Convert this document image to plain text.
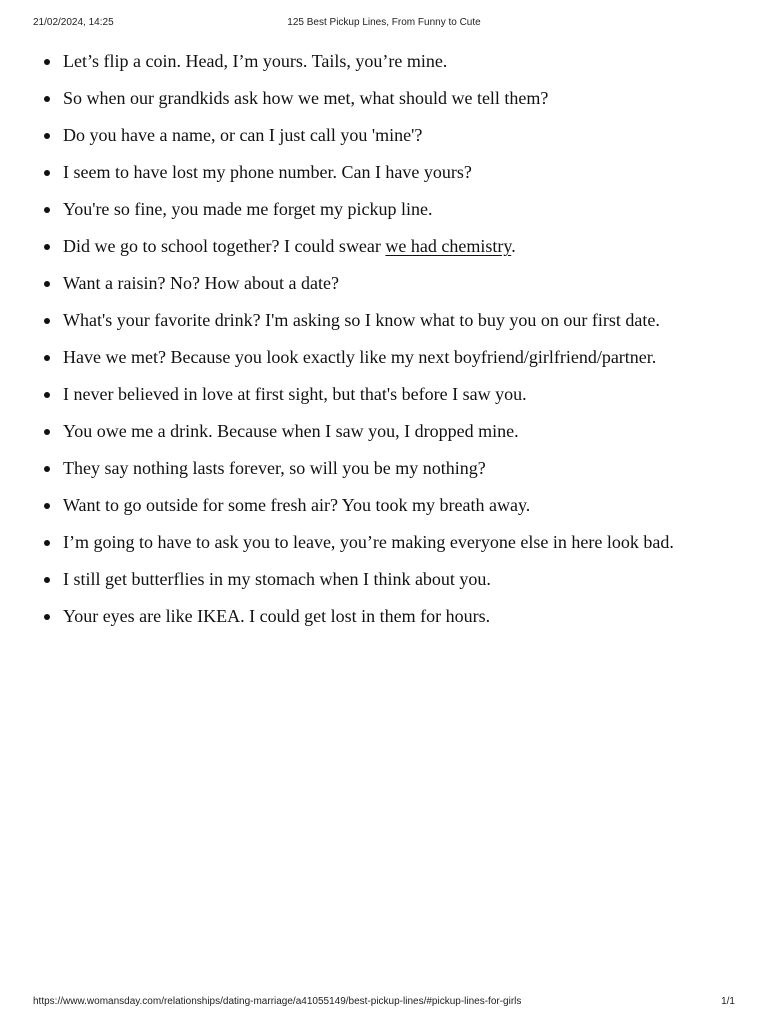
21/02/2024, 14:25	125 Best Pickup Lines, From Funny to Cute
Let’s flip a coin. Head, I’m yours. Tails, you’re mine.
So when our grandkids ask how we met, what should we tell them?
Do you have a name, or can I just call you 'mine'?
I seem to have lost my phone number. Can I have yours?
You're so fine, you made me forget my pickup line.
Did we go to school together? I could swear we had chemistry.
Want a raisin? No? How about a date?
What's your favorite drink? I'm asking so I know what to buy you on our first date.
Have we met? Because you look exactly like my next boyfriend/girlfriend/partner.
I never believed in love at first sight, but that's before I saw you.
You owe me a drink. Because when I saw you, I dropped mine.
They say nothing lasts forever, so will you be my nothing?
Want to go outside for some fresh air? You took my breath away.
I’m going to have to ask you to leave, you’re making everyone else in here look bad.
I still get butterflies in my stomach when I think about you.
Your eyes are like IKEA. I could get lost in them for hours.
https://www.womansday.com/relationships/dating-marriage/a41055149/best-pickup-lines/#pickup-lines-for-girls	1/1
